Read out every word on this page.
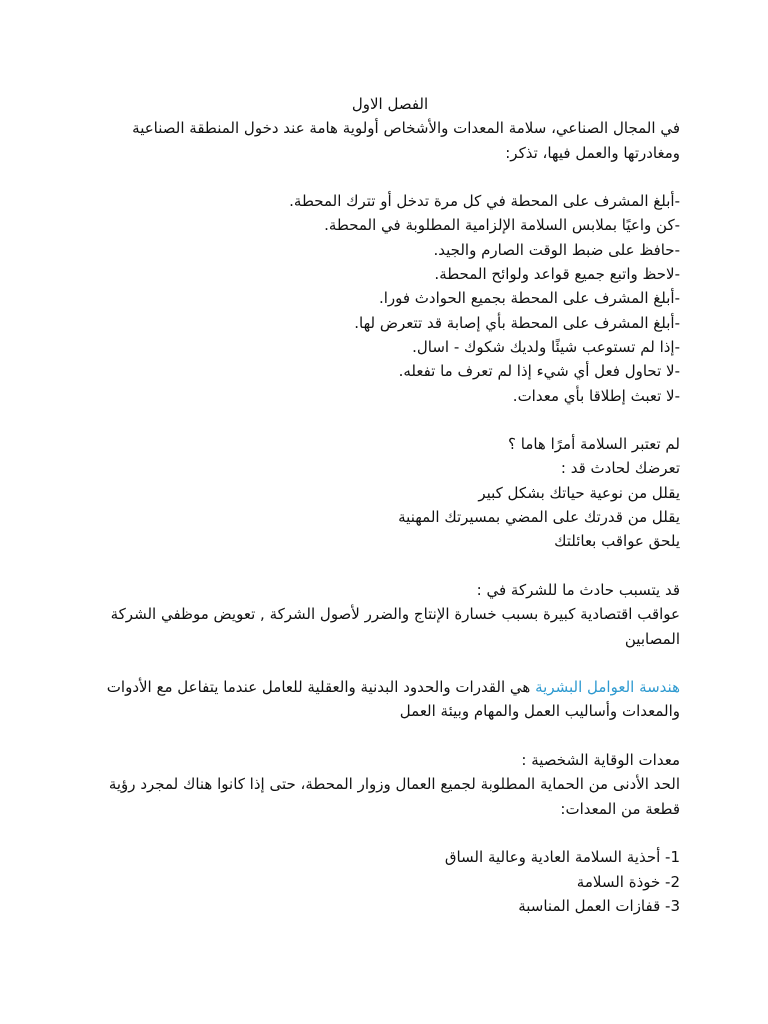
الفصل الاول

في المجال الصناعي، سلامة المعدات والأشخاص أولوية هامة عند دخول المنطقة الصناعية ومغادرتها والعمل فيها، تذكر:

-أبلغ المشرف على المحطة في كل مرة تدخل أو تترك المحطة.

-كن واعيًا بملابس السلامة الإلزامية المطلوبة في المحطة.

-حافظ على ضبط الوقت الصارم والجيد.

-لاحظ واتبع جميع قواعد ولوائح المحطة.

-أبلغ المشرف على المحطة بجميع الحوادث فورا.

-أبلغ المشرف على المحطة بأي إصابة قد تتعرض لها.

-إذا لم تستوعب شيئًا ولديك شكوك - اسال.

-لا تحاول فعل أي شيء إذا لم تعرف ما تفعله.

-لا تعبث إطلاقا بأي معدات.

لم تعتبر السلامة أمرًا هاما ؟

تعرضك لحادث قد :

يقلل من نوعية حياتك بشكل كبير

يقلل من قدرتك على المضي بمسيرتك المهنية

يلحق عواقب بعائلتك

قد يتسبب حادث ما للشركة في :

عواقب اقتصادية كبيرة بسبب خسارة الإنتاج والضرر لأصول الشركة , تعويض موظفي الشركة المصابين

هندسة العوامل البشرية هي القدرات والحدود البدنية والعقلية للعامل عندما يتفاعل مع الأدوات والمعدات وأساليب العمل والمهام وبيئة العمل

معدات الوقاية الشخصية :

الحد الأدنى من الحماية المطلوبة لجميع العمال وزوار المحطة، حتى إذا كانوا هناك لمجرد رؤية قطعة من المعدات:

1- أحذية السلامة العادية وعالية الساق

2- خوذة السلامة

3- قفازات العمل المناسبة
